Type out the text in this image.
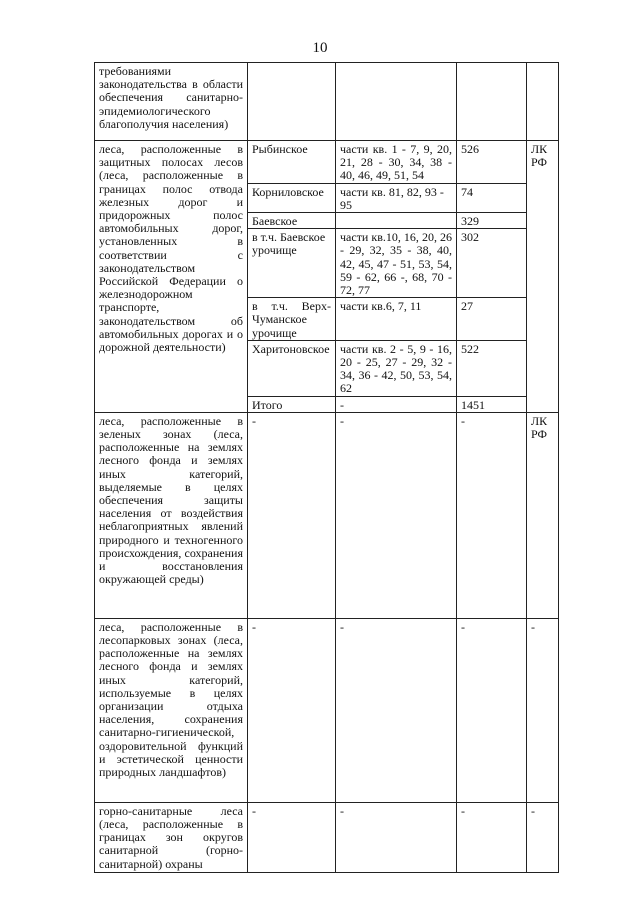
10
требованиями законодательства в области обеспечения санитарно-эпидемиологического благополучия населения)				
леса, расположенные в защитных полосах лесов (леса, расположенные в границах полос отвода железных дорог и придорожных полос автомобильных дорог, установленных в соответствии с законодательством Российской Федерации о железнодорожном транспорте, законодательством об автомобильных дорогах и о дорожной деятельности)	Рыбинское	части кв. 1 - 7, 9, 20, 21, 28 - 30, 34, 38 - 40, 46, 49, 51, 54	526	ЛК РФ
	Корниловское	части кв. 81, 82, 93 - 95	74	
	Баевское		329	
	в т.ч. Баевское урочище	части кв.10, 16, 20, 26 - 29, 32, 35 - 38, 40, 42, 45, 47 - 51, 53, 54, 59 - 62, 66 -, 68, 70 - 72, 77	302	
	в т.ч. Верх-Чуманское урочище	части кв.6, 7, 11	27	
	Харитоновское	части кв. 2 - 5, 9 - 16, 20 - 25, 27 - 29, 32 - 34, 36 - 42, 50, 53, 54, 62	522	
	Итого	-	1451	
леса, расположенные в зеленых зонах (леса, расположенные на землях лесного фонда и землях иных категорий, выделяемые в целях обеспечения защиты населения от воздействия неблагоприятных явлений природного и техногенного происхождения, сохранения и восстановления окружающей среды)	-	-	-	ЛК РФ
леса, расположенные в лесопарковых зонах (леса, расположенные на землях лесного фонда и землях иных категорий, используемые в целях организации отдыха населения, сохранения санитарно-гигиенической, оздоровительной функций и эстетической ценности природных ландшафтов)	-	-	-	-
горно-санитарные леса (леса, расположенные в границах зон округов санитарной (горно-санитарной) охраны	-	-	-	-
